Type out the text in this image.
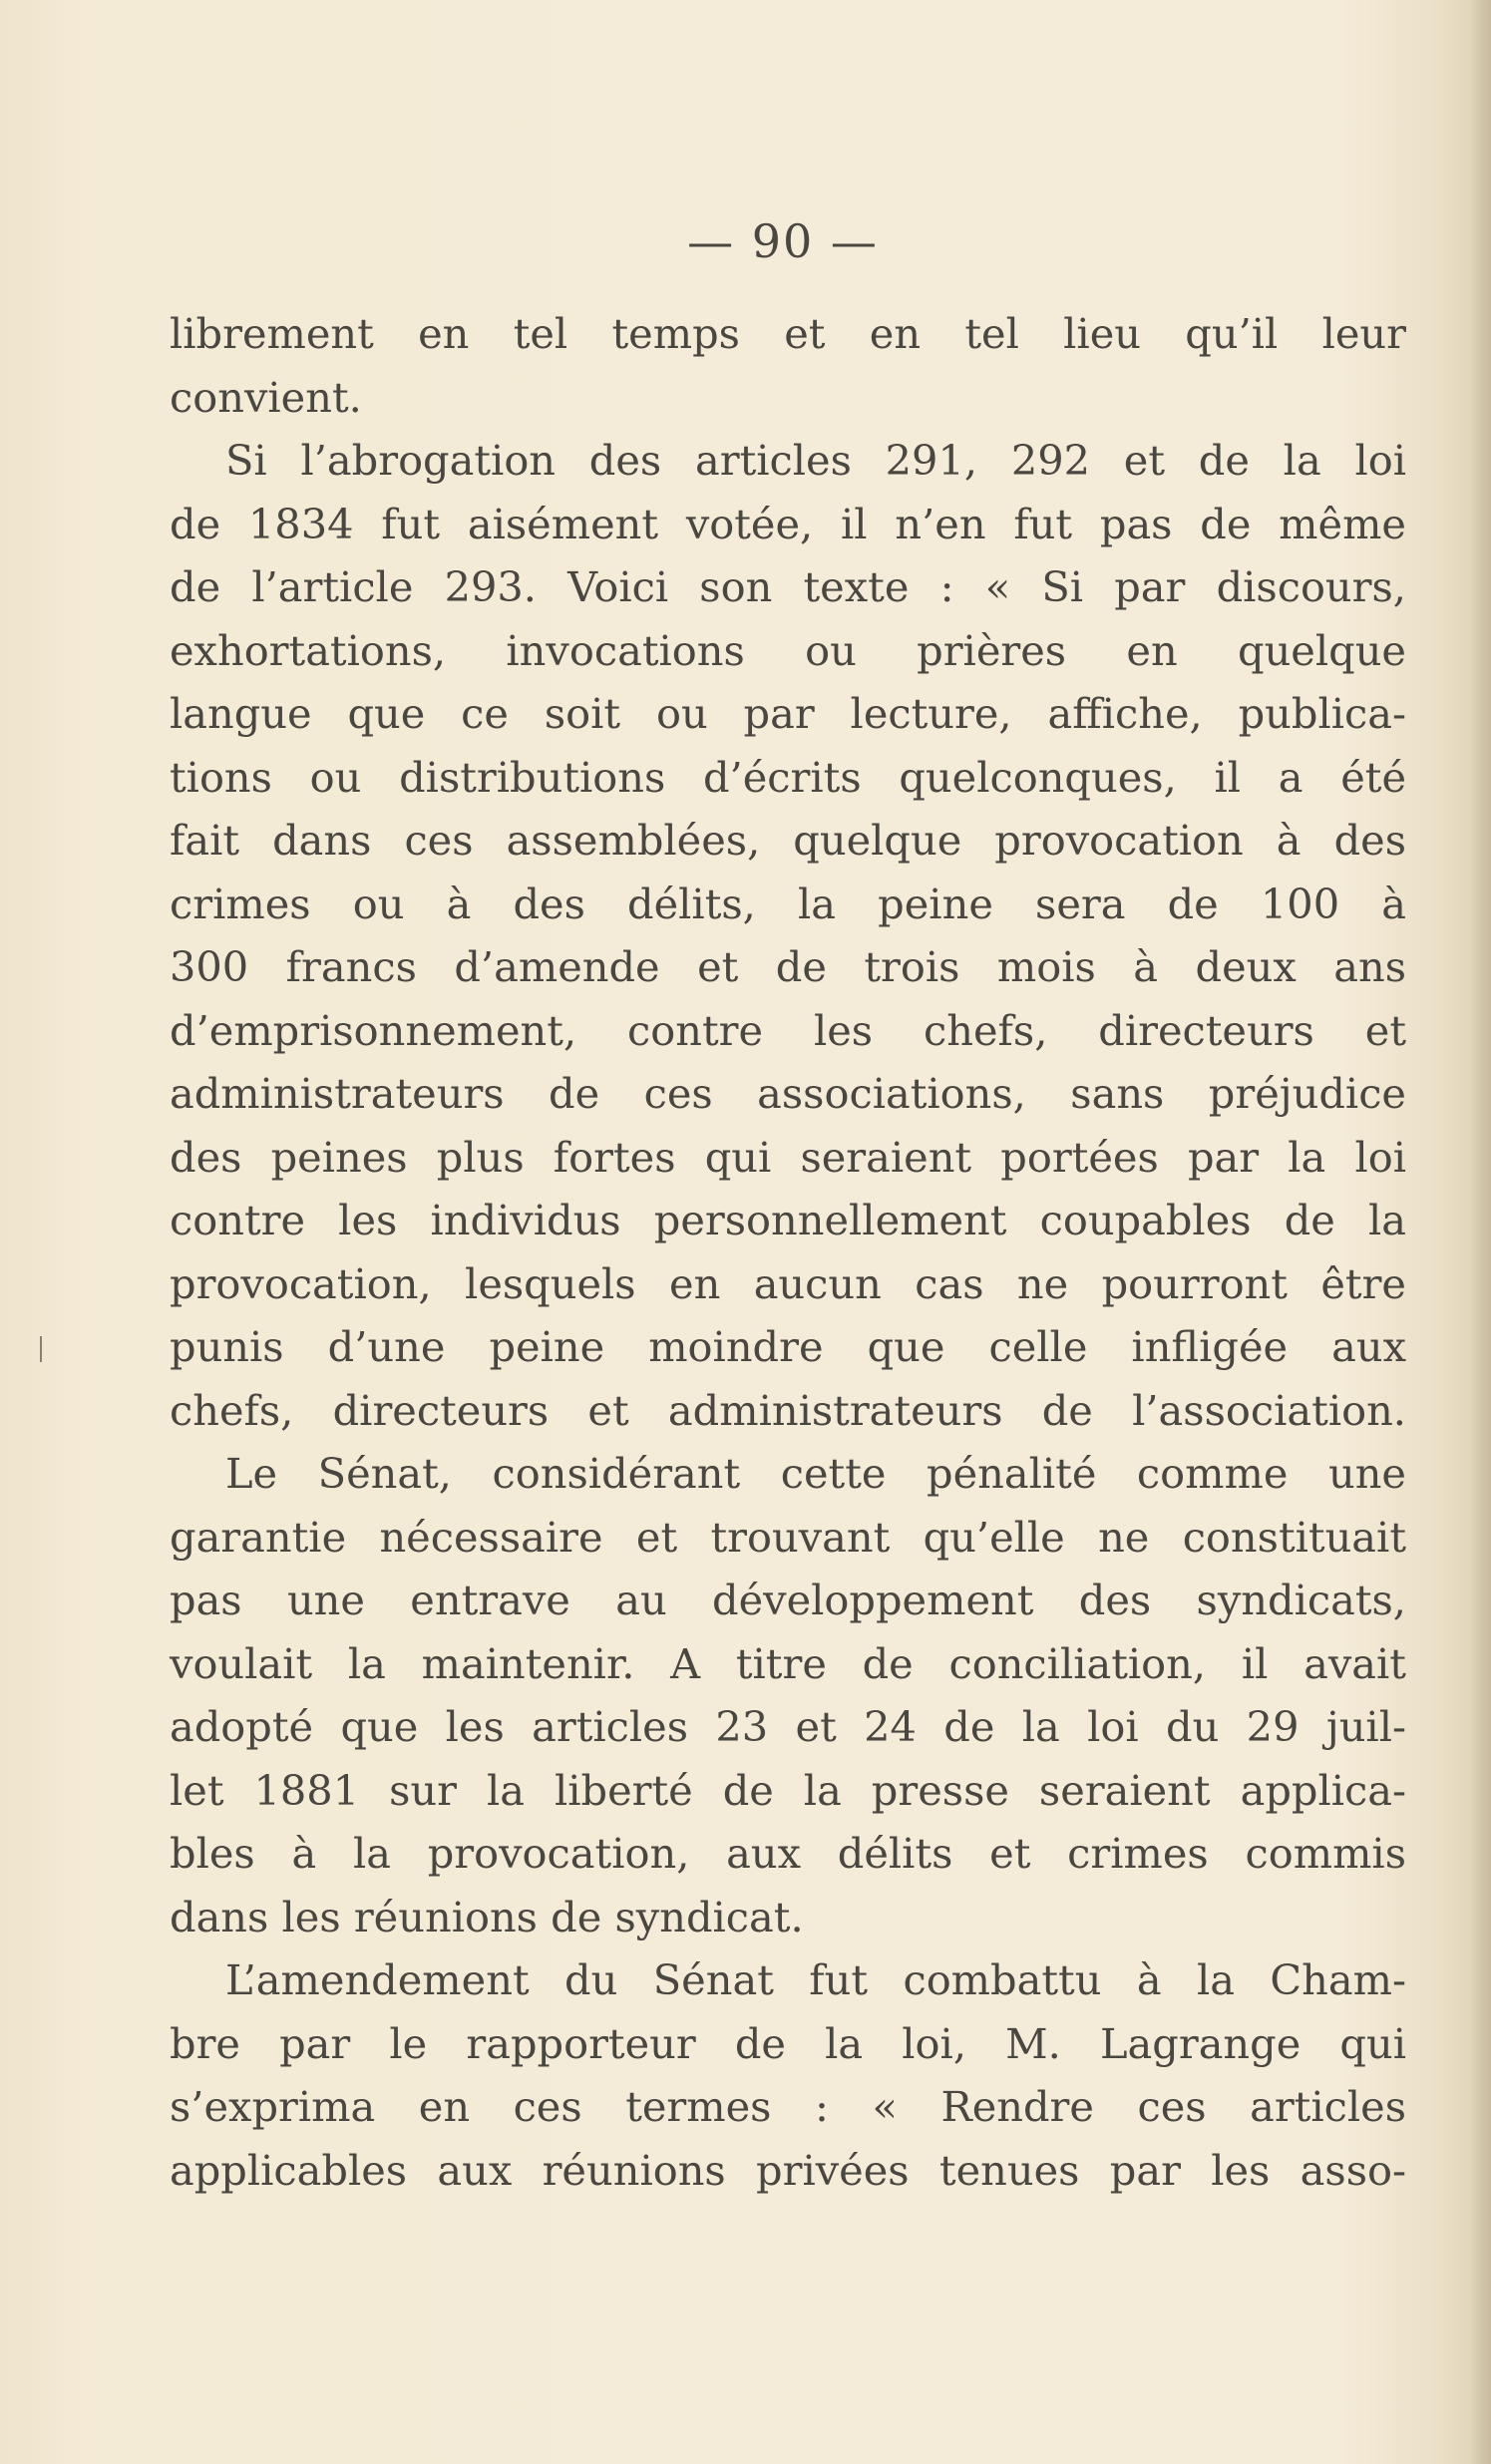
— 90 —
librement en tel temps et en tel lieu qu’il leur
convient.
Si l’abrogation des articles 291, 292 et de la loi
de 1834 fut aisément votée, il n’en fut pas de même
de l’article 293. Voici son texte : « Si par discours,
exhortations, invocations ou prières en quelque
langue que ce soit ou par lecture, affiche, publica-
tions ou distributions d’écrits quelconques, il a été
fait dans ces assemblées, quelque provocation à des
crimes ou à des délits, la peine sera de 100 à
300 francs d’amende et de trois mois à deux ans
d’emprisonnement, contre les chefs, directeurs et
administrateurs de ces associations, sans préjudice
des peines plus fortes qui seraient portées par la loi
contre les individus personnellement coupables de la
provocation, lesquels en aucun cas ne pourront être
punis d’une peine moindre que celle infligée aux
chefs, directeurs et administrateurs de l’association.
Le Sénat, considérant cette pénalité comme une
garantie nécessaire et trouvant qu’elle ne constituait
pas une entrave au développement des syndicats,
voulait la maintenir. A titre de conciliation, il avait
adopté que les articles 23 et 24 de la loi du 29 juil-
let 1881 sur la liberté de la presse seraient applica-
bles à la provocation, aux délits et crimes commis
dans les réunions de syndicat.
L’amendement du Sénat fut combattu à la Cham-
bre par le rapporteur de la loi, M. Lagrange qui
s’exprima en ces termes : « Rendre ces articles
applicables aux réunions privées tenues par les asso-
